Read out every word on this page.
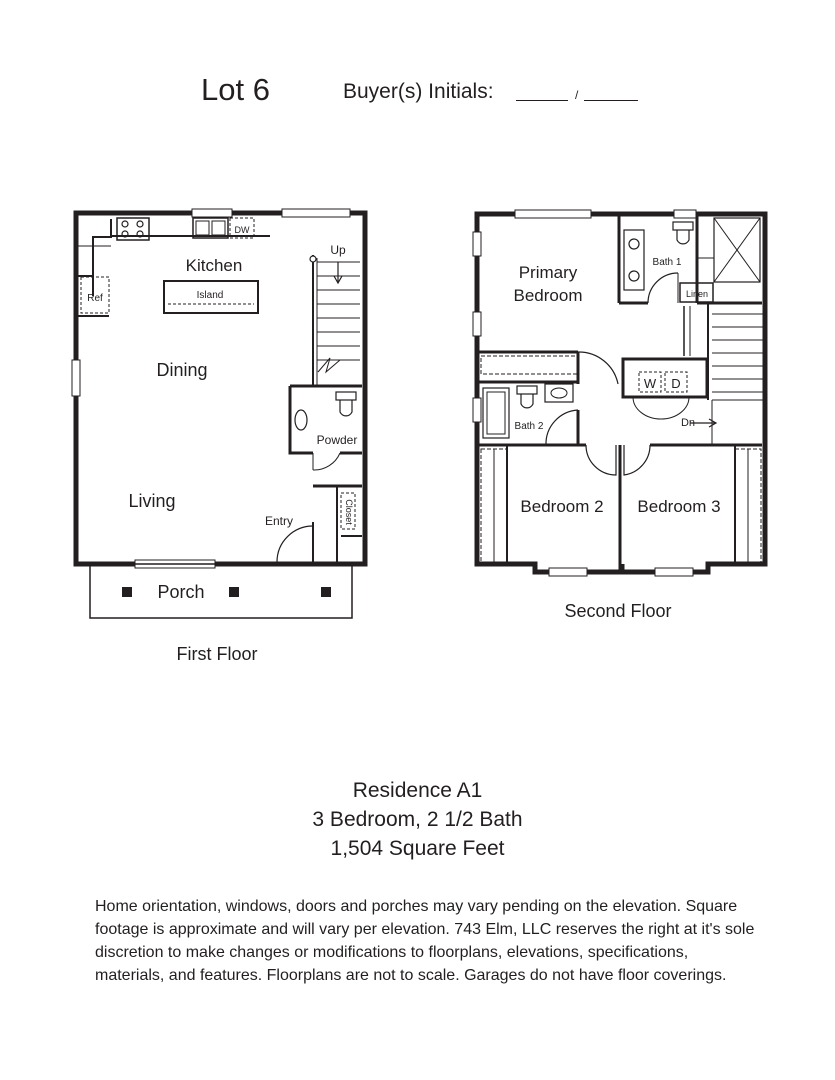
Lot 6	Buyer(s) Initials:	/
Kitchen
Island
DW
Ref
Up
Dining
Powder
Living
Entry	Closet
Porch
First Floor
Primary
Bedroom
Bath 1
Linen
W D
Bath 2	Dn
Bedroom 2 Bedroom 3
Second Floor
Residence A1
3 Bedroom, 2 1/2 Bath
1,504 Square Feet
Home orientation, windows, doors and porches may vary pending on the elevation. Square footage is approximate and will vary per elevation. 743 Elm, LLC reserves the right at it's sole discretion to make changes or modifications to floorplans, elevations, specifications, materials, and features. Floorplans are not to scale. Garages do not have floor coverings.
